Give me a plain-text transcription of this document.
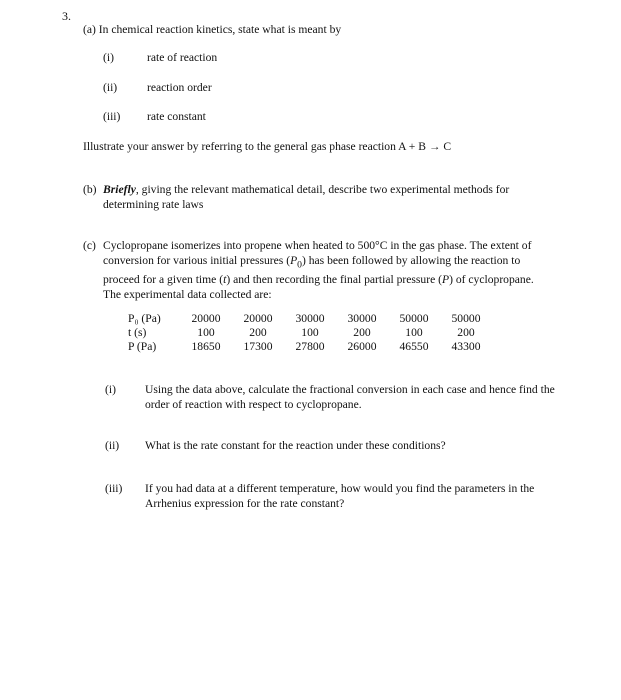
3.
(a) In chemical reaction kinetics, state what is meant by
(i)	rate of reaction
(ii)	reaction order
(iii) rate constant
Illustrate your answer by referring to the general gas phase reaction A + B → C
(b) Briefly, giving the relevant mathematical detail, describe two experimental methods for determining rate laws
(c) Cyclopropane isomerizes into propene when heated to 500°C in the gas phase. The extent of conversion for various initial pressures $(P_0)$ has been followed by allowing the reaction to proceed for a given time (t) and then recording the final partial pressure (P) of cyclopropane. The experimental data collected are:
P₀ (Pa)	20000	20000	30000	30000	50000	50000
t (s)	100	200	100	200	100	200
P (Pa)	18650	17300	27800	26000	46550	43300
(i)	Using the data above, calculate the fractional conversion in each case and hence find the order of reaction with respect to cyclopropane.
(ii) What is the rate constant for the reaction under these conditions?
(iii) If you had data at a different temperature, how would you find the parameters in the Arrhenius expression for the rate constant?
